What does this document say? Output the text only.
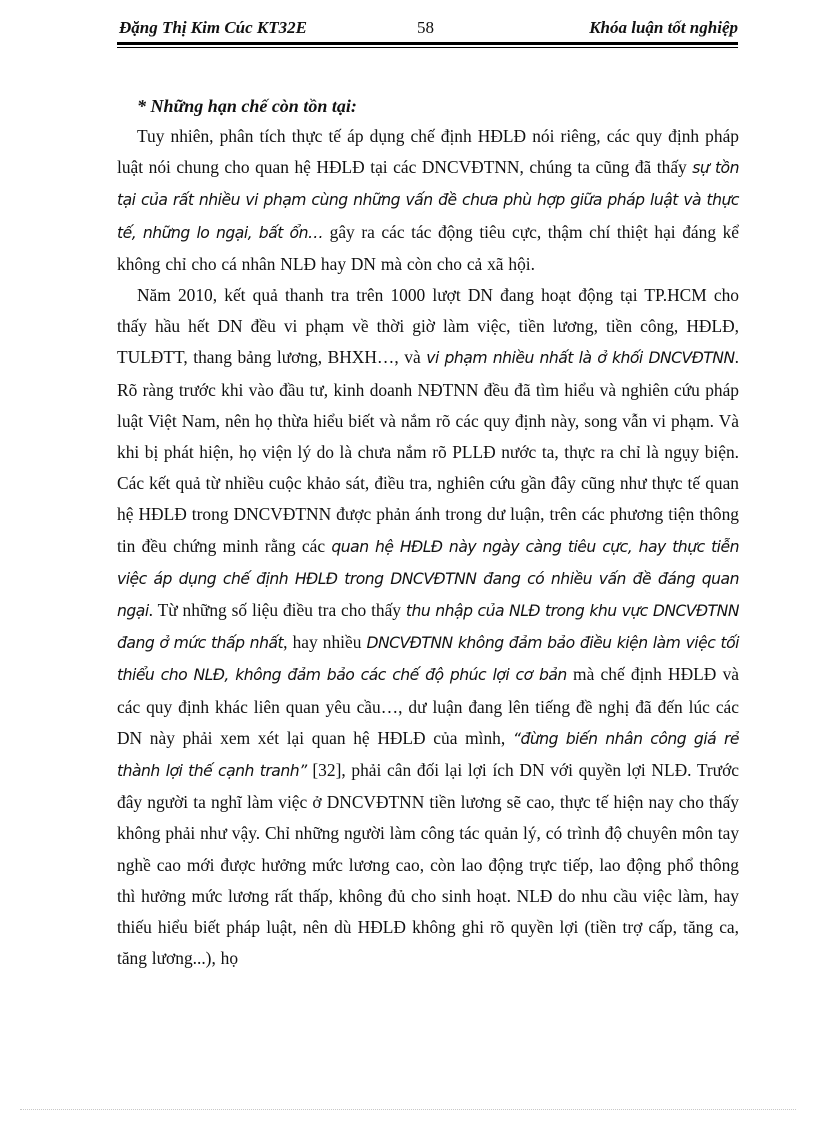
Đặng Thị Kim Cúc KT32E	58	Khóa luận tốt nghiệp
* Những hạn chế còn tồn tại:

Tuy nhiên, phân tích thực tế áp dụng chế định HĐLĐ nói riêng, các quy định pháp luật nói chung cho quan hệ HĐLĐ tại các DNCVĐTNN, chúng ta cũng đã thấy sự tồn tại của rất nhiều vi phạm cùng những vấn đề chưa phù hợp giữa pháp luật và thực tế, những lo ngại, bất ổn… gây ra các tác động tiêu cực, thậm chí thiệt hại đáng kể không chỉ cho cá nhân NLĐ hay DN mà còn cho cả xã hội.

Năm 2010, kết quả thanh tra trên 1000 lượt DN đang hoạt động tại TP.HCM cho thấy hầu hết DN đều vi phạm về thời giờ làm việc, tiền lương, tiền công, HĐLĐ, TULĐTT, thang bảng lương, BHXH…, và vi phạm nhiều nhất là ở khối DNCVĐTNN. Rõ ràng trước khi vào đầu tư, kinh doanh NĐTNN đều đã tìm hiểu và nghiên cứu pháp luật Việt Nam, nên họ thừa hiểu biết và nắm rõ các quy định này, song vẫn vi phạm. Và khi bị phát hiện, họ viện lý do là chưa nắm rõ PLLĐ nước ta, thực ra chỉ là ngụy biện. Các kết quả từ nhiều cuộc khảo sát, điều tra, nghiên cứu gần đây cũng như thực tế quan hệ HĐLĐ trong DNCVĐTNN được phản ánh trong dư luận, trên các phương tiện thông tin đều chứng minh rằng các quan hệ HĐLĐ này ngày càng tiêu cực, hay thực tiễn việc áp dụng chế định HĐLĐ trong DNCVĐTNN đang có nhiều vấn đề đáng quan ngại. Từ những số liệu điều tra cho thấy thu nhập của NLĐ trong khu vực DNCVĐTNN đang ở mức thấp nhất, hay nhiều DNCVĐTNN không đảm bảo điều kiện làm việc tối thiểu cho NLĐ, không đảm bảo các chế độ phúc lợi cơ bản mà chế định HĐLĐ và các quy định khác liên quan yêu cầu…, dư luận đang lên tiếng đề nghị đã đến lúc các DN này phải xem xét lại quan hệ HĐLĐ của mình, “đừng biến nhân công giá rẻ thành lợi thế cạnh tranh” [32], phải cân đối lại lợi ích DN với quyền lợi NLĐ. Trước đây người ta nghĩ làm việc ở DNCVĐTNN tiền lương sẽ cao, thực tế hiện nay cho thấy không phải như vậy. Chỉ những người làm công tác quản lý, có trình độ chuyên môn tay nghề cao mới được hưởng mức lương cao, còn lao động trực tiếp, lao động phổ thông thì hưởng mức lương rất thấp, không đủ cho sinh hoạt. NLĐ do nhu cầu việc làm, hay thiếu hiểu biết pháp luật, nên dù HĐLĐ không ghi rõ quyền lợi (tiền trợ cấp, tăng ca, tăng lương...), họ
